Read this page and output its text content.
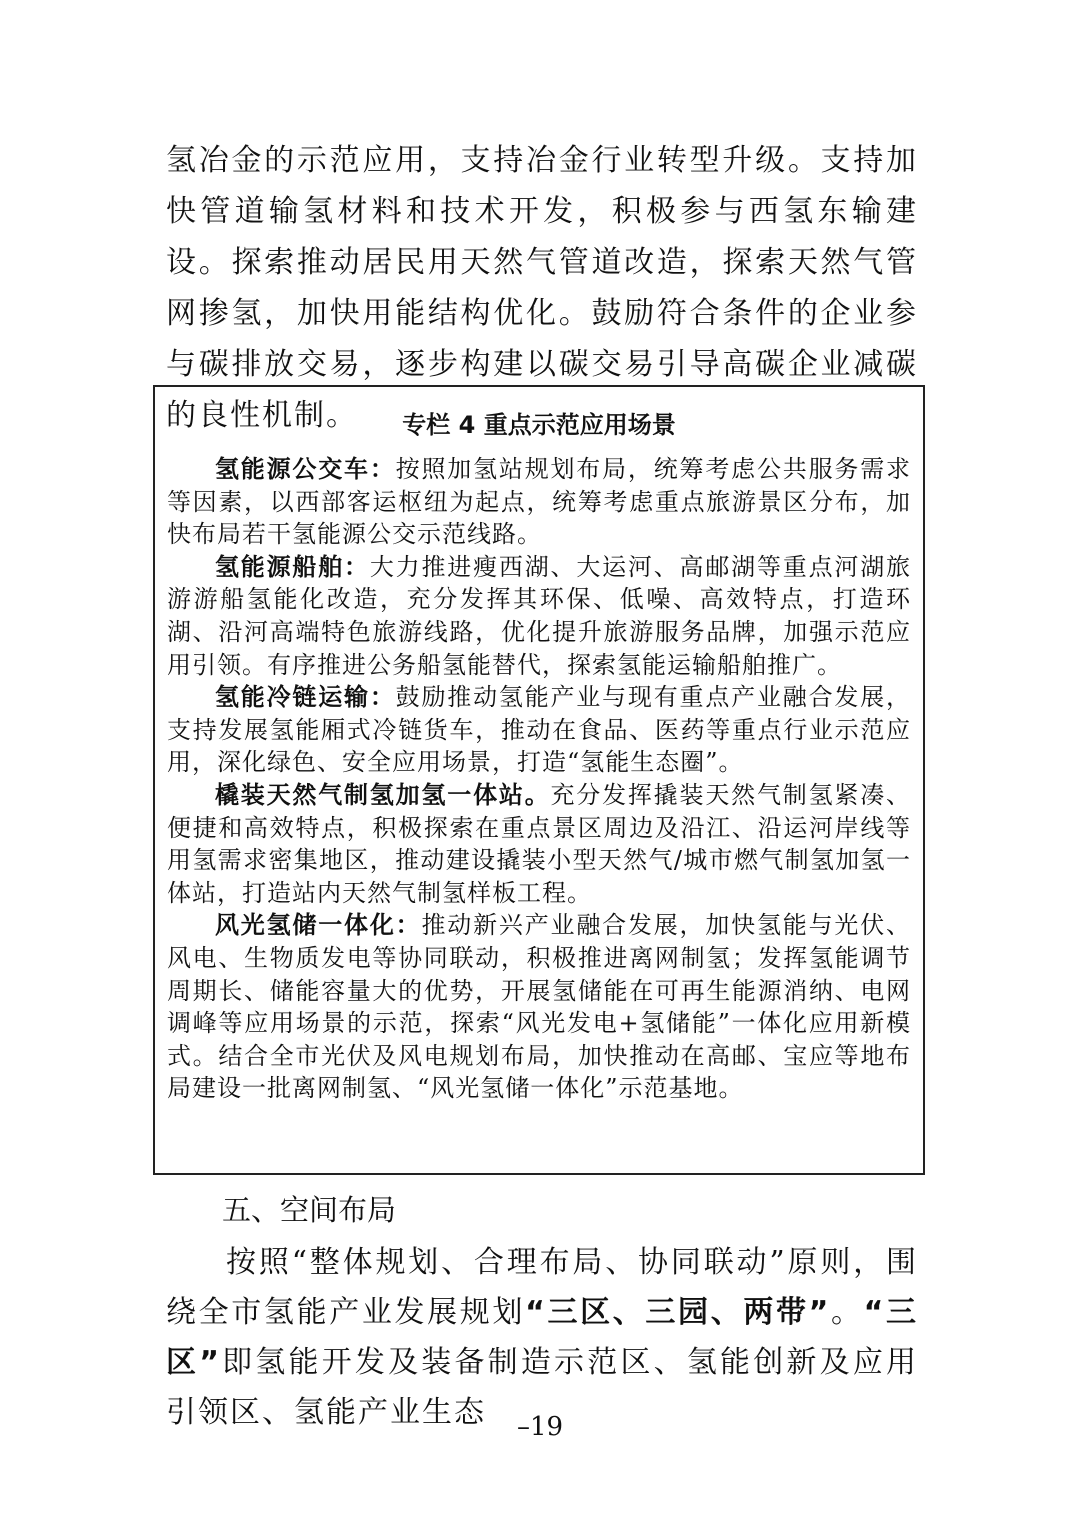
氢冶金的示范应用，支持冶金行业转型升级。支持加快管道输氢材料和技术开发，积极参与西氢东输建设。探索推动居民用天然气管道改造，探索天然气管网掺氢，加快用能结构优化。鼓励符合条件的企业参与碳排放交易，逐步构建以碳交易引导高碳企业减碳的良性机制。	专栏 4 重点示范应用场景

氢能源公交车：按照加氢站规划布局，统筹考虑公共服务需求等因素，以西部客运枢纽为起点，统筹考虑重点旅游景区分布，加快布局若干氢能源公交示范线路。

氢能源船舶：大力推进瘦西湖、大运河、高邮湖等重点河湖旅游游船氢能化改造，充分发挥其环保、低噪、高效特点，打造环湖、沿河高端特色旅游线路，优化提升旅游服务品牌，加强示范应用引领。有序推进公务船氢能替代，探索氢能运输船舶推广。

氢能冷链运输：鼓励推动氢能产业与现有重点产业融合发展，支持发展氢能厢式冷链货车，推动在食品、医药等重点行业示范应用，深化绿色、安全应用场景，打造“氢能生态圈”。

橇装天然气制氢加氢一体站。充分发挥撬装天然气制氢紧凑、便捷和高效特点，积极探索在重点景区周边及沿江、沿运河岸线等用氢需求密集地区，推动建设撬装小型天然气/城市燃气制氢加氢一体站，打造站内天然气制氢样板工程。

风光氢储一体化：推动新兴产业融合发展，加快氢能与光伏、风电、生物质发电等协同联动，积极推进离网制氢；发挥氢能调节周期长、储能容量大的优势，开展氢储能在可再生能源消纳、电网调峰等应用场景的示范，探索“风光发电+氢储能”一体化应用新模式。结合全市光伏及风电规划布局，加快推动在高邮、宝应等地布局建设一批离网制氢、“风光氢储一体化”示范基地。

五、空间布局

按照“整体规划、合理布局、协同联动”原则，围绕全市氢能产业发展规划“三区、三园、两带”。“三区”即氢能开发及装备制造示范区、氢能创新及应用引领区、氢能产业生态	–19
